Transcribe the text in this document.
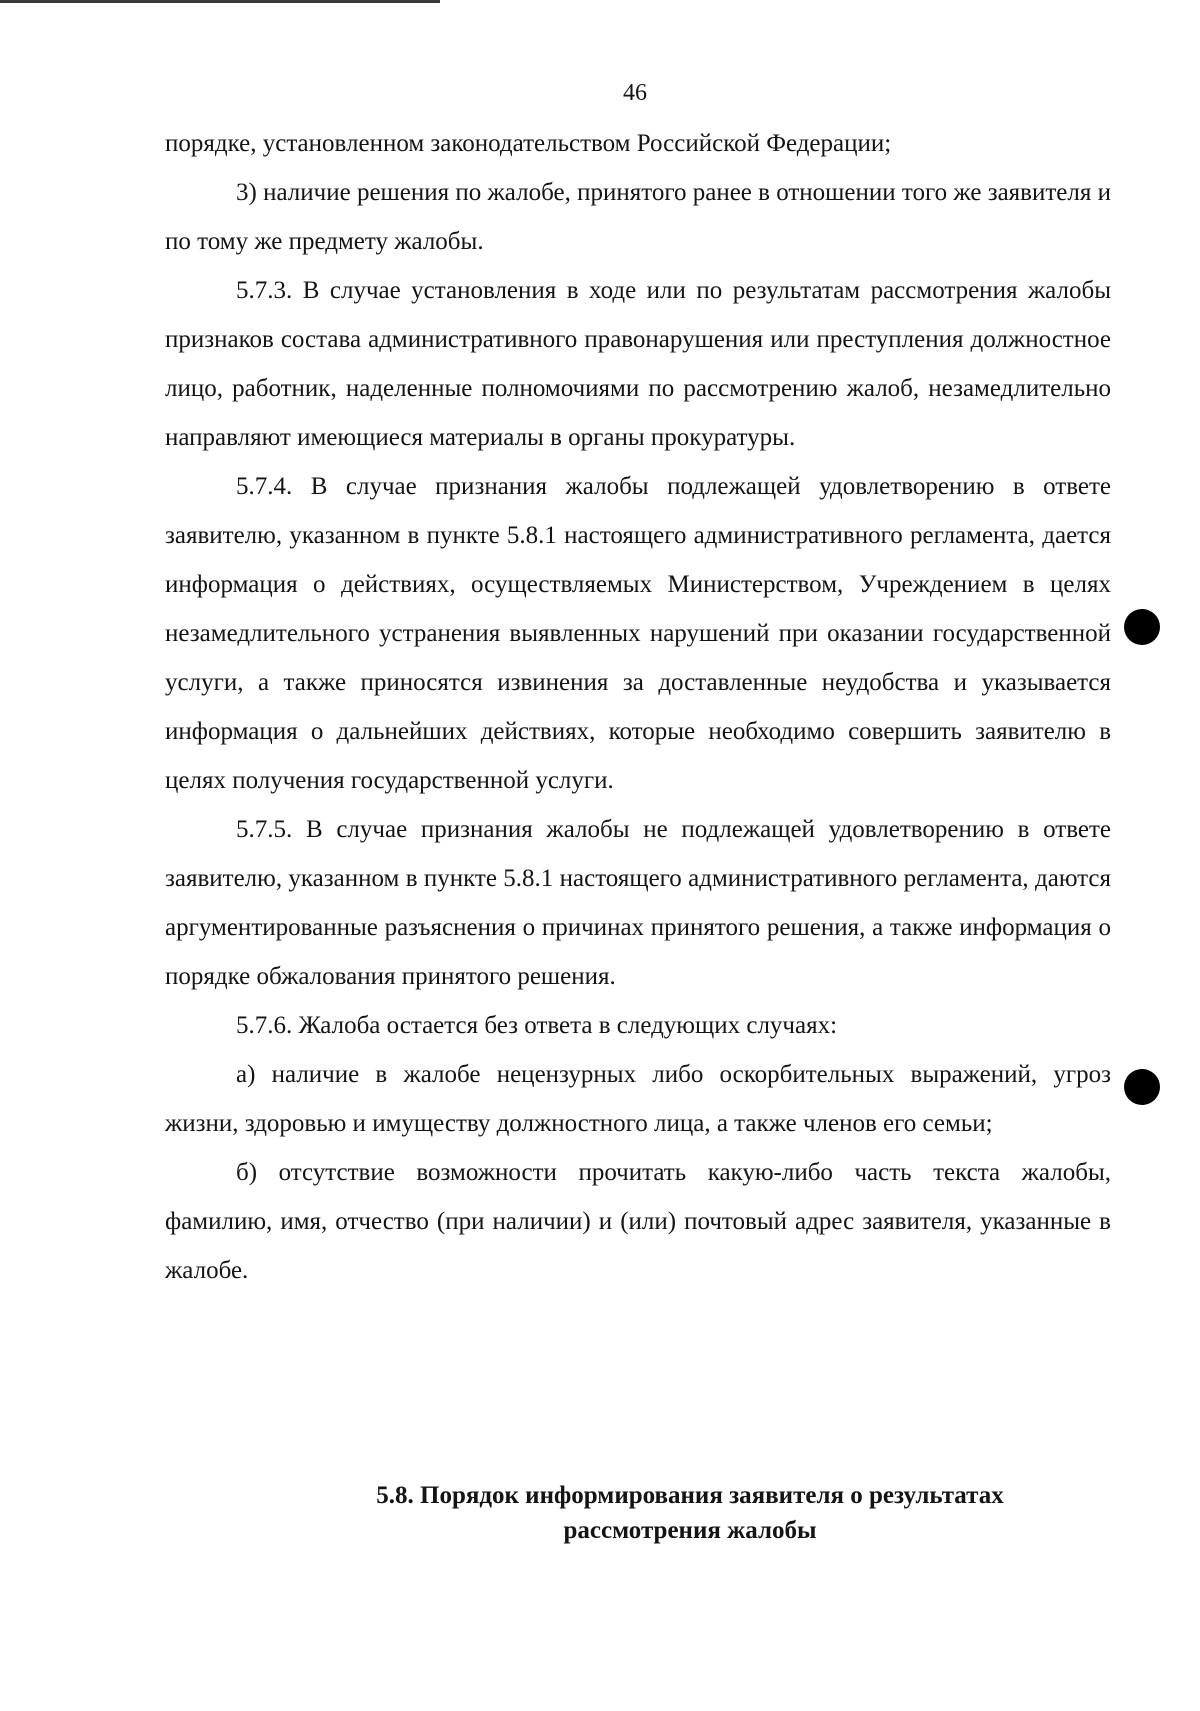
46

порядке, установленном законодательством Российской Федерации;

3) наличие решения по жалобе, принятого ранее в отношении того же заявителя и по тому же предмету жалобы.

5.7.3. В случае установления в ходе или по результатам рассмотрения жалобы признаков состава административного правонарушения или преступления должностное лицо, работник, наделенные полномочиями по рассмотрению жалоб, незамедлительно направляют имеющиеся материалы в органы прокуратуры.

5.7.4. В случае признания жалобы подлежащей удовлетворению в ответе заявителю, указанном в пункте 5.8.1 настоящего административного регламента, дается информация о действиях, осуществляемых Министерством, Учреждением в целях незамедлительного устранения выявленных нарушений при оказании государственной услуги, а также приносятся извинения за доставленные неудобства и указывается информация о дальнейших действиях, которые необходимо совершить заявителю в целях получения государственной услуги.

5.7.5. В случае признания жалобы не подлежащей удовлетворению в ответе заявителю, указанном в пункте 5.8.1 настоящего административного регламента, даются аргументированные разъяснения о причинах принятого решения, а также информация о порядке обжалования принятого решения.

5.7.6. Жалоба остается без ответа в следующих случаях:

а) наличие в жалобе нецензурных либо оскорбительных выражений, угроз жизни, здоровью и имуществу должностного лица, а также членов его семьи;

б) отсутствие возможности прочитать какую-либо часть текста жалобы, фамилию, имя, отчество (при наличии) и (или) почтовый адрес заявителя, указанные в жалобе.

5.8. Порядок информирования заявителя о результатах
рассмотрения жалобы
